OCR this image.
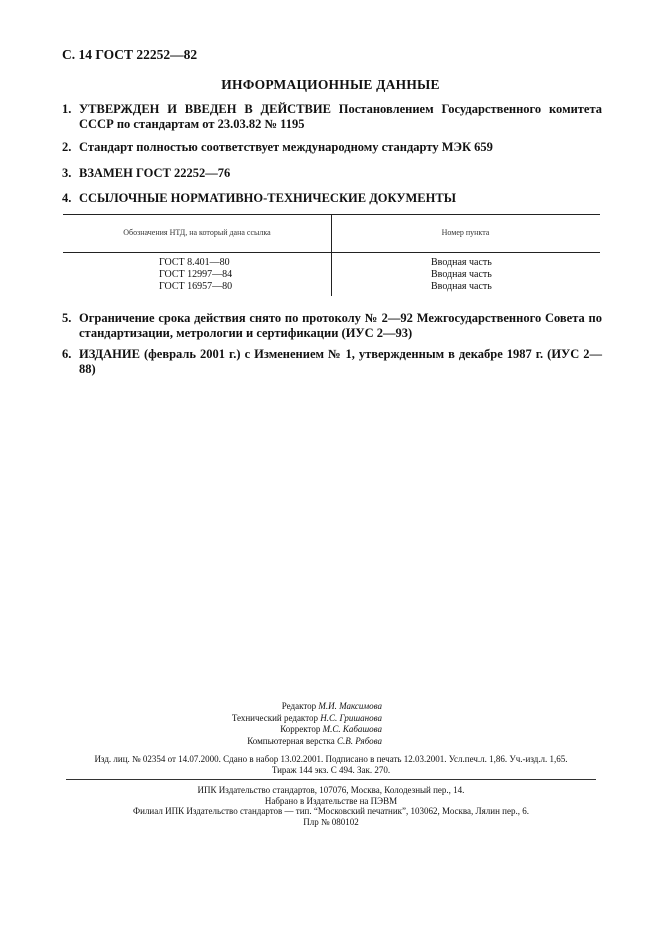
С. 14 ГОСТ 22252—82
ИНФОРМАЦИОННЫЕ ДАННЫЕ
1. УТВЕРЖДЕН И ВВЕДЕН В ДЕЙСТВИЕ Постановлением Государственного комитета СССР по стандартам от 23.03.82 № 1195
2. Стандарт полностью соответствует международному стандарту МЭК 659
3. ВЗАМЕН ГОСТ 22252—76
4. ССЫЛОЧНЫЕ НОРМАТИВНО-ТЕХНИЧЕСКИЕ ДОКУМЕНТЫ
Обозначения НТД, на который дана ссылка	Номер пункта
ГОСТ 8.401—80
ГОСТ 12997—84
ГОСТ 16957—80
Вводная часть
Вводная часть
Вводная часть
5. Ограничение срока действия снято по протоколу № 2—92 Межгосударственного Совета по стандартизации, метрологии и сертификации (ИУС 2—93)
6. ИЗДАНИЕ (февраль 2001 г.) с Изменением № 1, утвержденным в декабре 1987 г. (ИУС 2—88)
Редактор М.И. Максимова
Технический редактор Н.С. Гришанова
Корректор М.С. Кабашова
Компьютерная верстка С.В. Рябова
Изд. лиц. № 02354 от 14.07.2000. Сдано в набор 13.02.2001. Подписано в печать 12.03.2001. Усл.печ.л. 1,86. Уч.-изд.л. 1,65.
Тираж 144 экз. С 494. Зак. 270.
ИПК Издательство стандартов, 107076, Москва, Колодезный пер., 14.
Набрано в Издательстве на ПЭВМ
Филиал ИПК Издательство стандартов — тип. “Московский печатник”, 103062, Москва, Лялин пер., 6.
Плр № 080102
